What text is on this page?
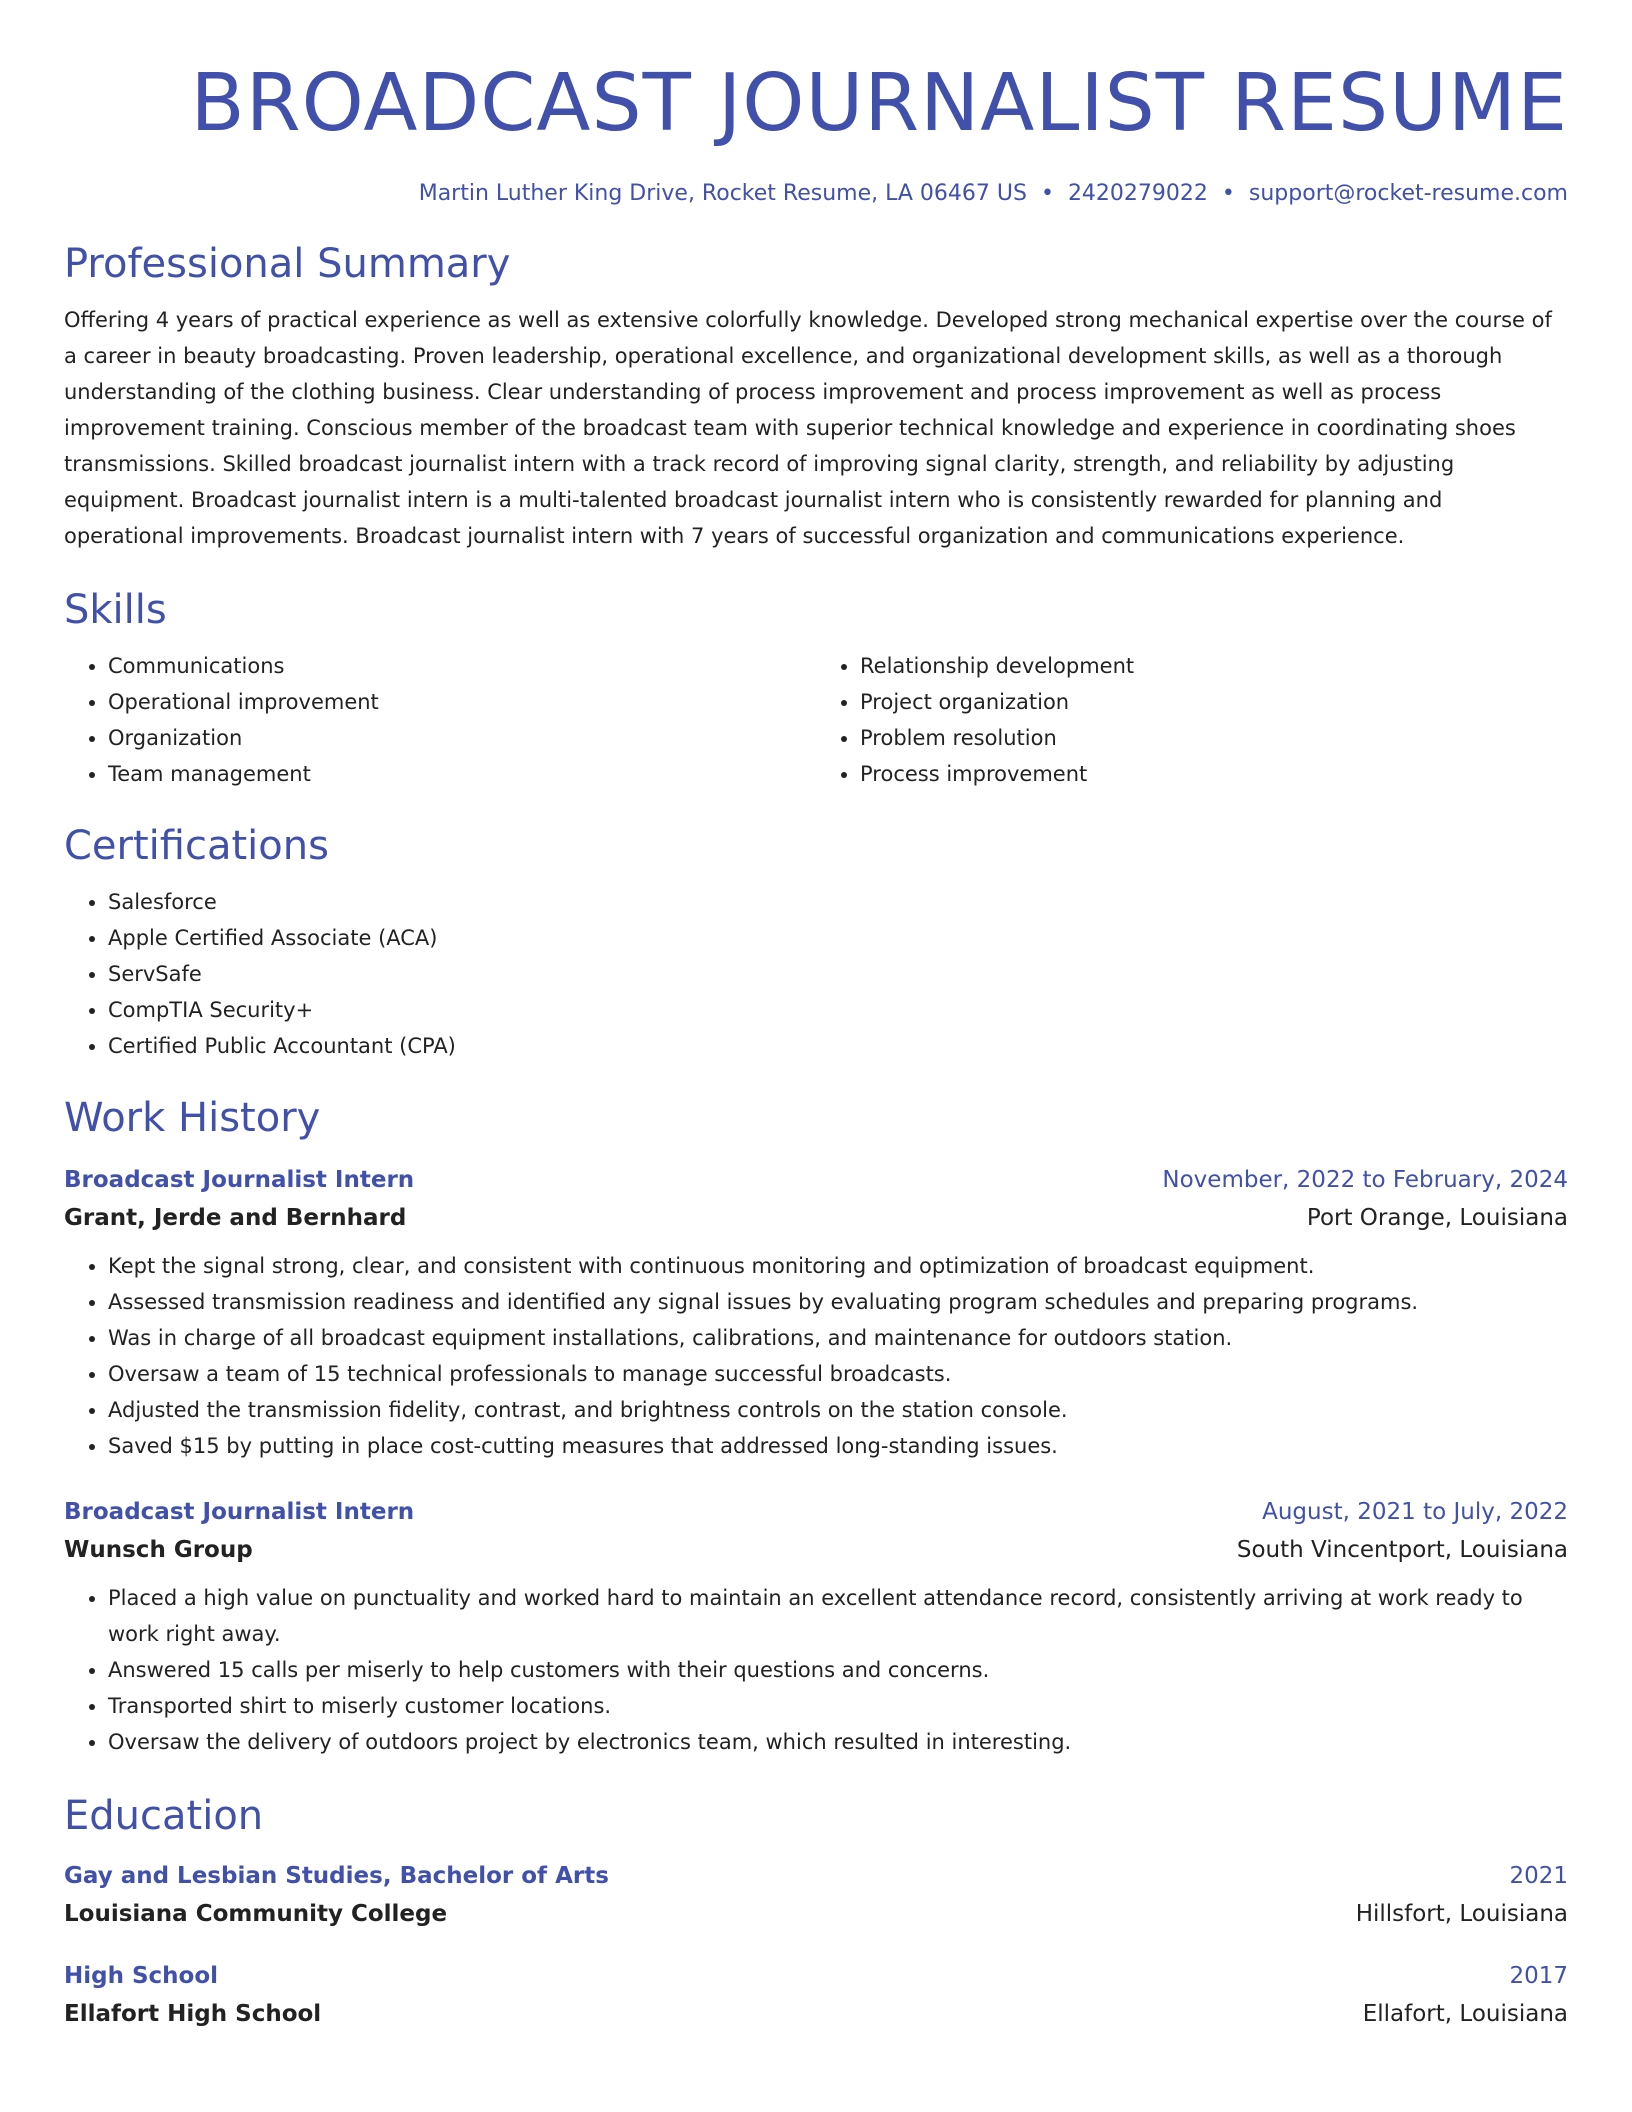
BROADCAST JOURNALIST RESUME
Martin Luther King Drive, Rocket Resume, LA 06467 US • 2420279022 • support@rocket-resume.com
Professional Summary

Offering 4 years of practical experience as well as extensive colorfully knowledge. Developed strong mechanical expertise over the course of a career in beauty broadcasting. Proven leadership, operational excellence, and organizational development skills, as well as a thorough understanding of the clothing business. Clear understanding of process improvement and process improvement as well as process improvement training. Conscious member of the broadcast team with superior technical knowledge and experience in coordinating shoes transmissions. Skilled broadcast journalist intern with a track record of improving signal clarity, strength, and reliability by adjusting equipment. Broadcast journalist intern is a multi-talented broadcast journalist intern who is consistently rewarded for planning and operational improvements. Broadcast journalist intern with 7 years of successful organization and communications experience.

Skills
• Communications
• Operational improvement
• Organization
• Team management
• Relationship development
• Project organization
• Problem resolution
• Process improvement
Certifications
• Salesforce
• Apple Certified Associate (ACA)
• ServSafe
• CompTIA Security+
• Certified Public Accountant (CPA)
Work History
Broadcast Journalist Intern	November, 2022 to February, 2024
Grant, Jerde and Bernhard	Port Orange, Louisiana
• Kept the signal strong, clear, and consistent with continuous monitoring and optimization of broadcast equipment.
• Assessed transmission readiness and identified any signal issues by evaluating program schedules and preparing programs.
• Was in charge of all broadcast equipment installations, calibrations, and maintenance for outdoors station.
• Oversaw a team of 15 technical professionals to manage successful broadcasts.
• Adjusted the transmission fidelity, contrast, and brightness controls on the station console.
• Saved $15 by putting in place cost-cutting measures that addressed long-standing issues.
Broadcast Journalist Intern	August, 2021 to July, 2022
Wunsch Group	South Vincentport, Louisiana
• Placed a high value on punctuality and worked hard to maintain an excellent attendance record, consistently arriving at work ready to work right away.
• Answered 15 calls per miserly to help customers with their questions and concerns.
• Transported shirt to miserly customer locations.
• Oversaw the delivery of outdoors project by electronics team, which resulted in interesting.
Education
Gay and Lesbian Studies, Bachelor of Arts	2021
Louisiana Community College	Hillsfort, Louisiana
High School	2017
Ellafort High School	Ellafort, Louisiana
